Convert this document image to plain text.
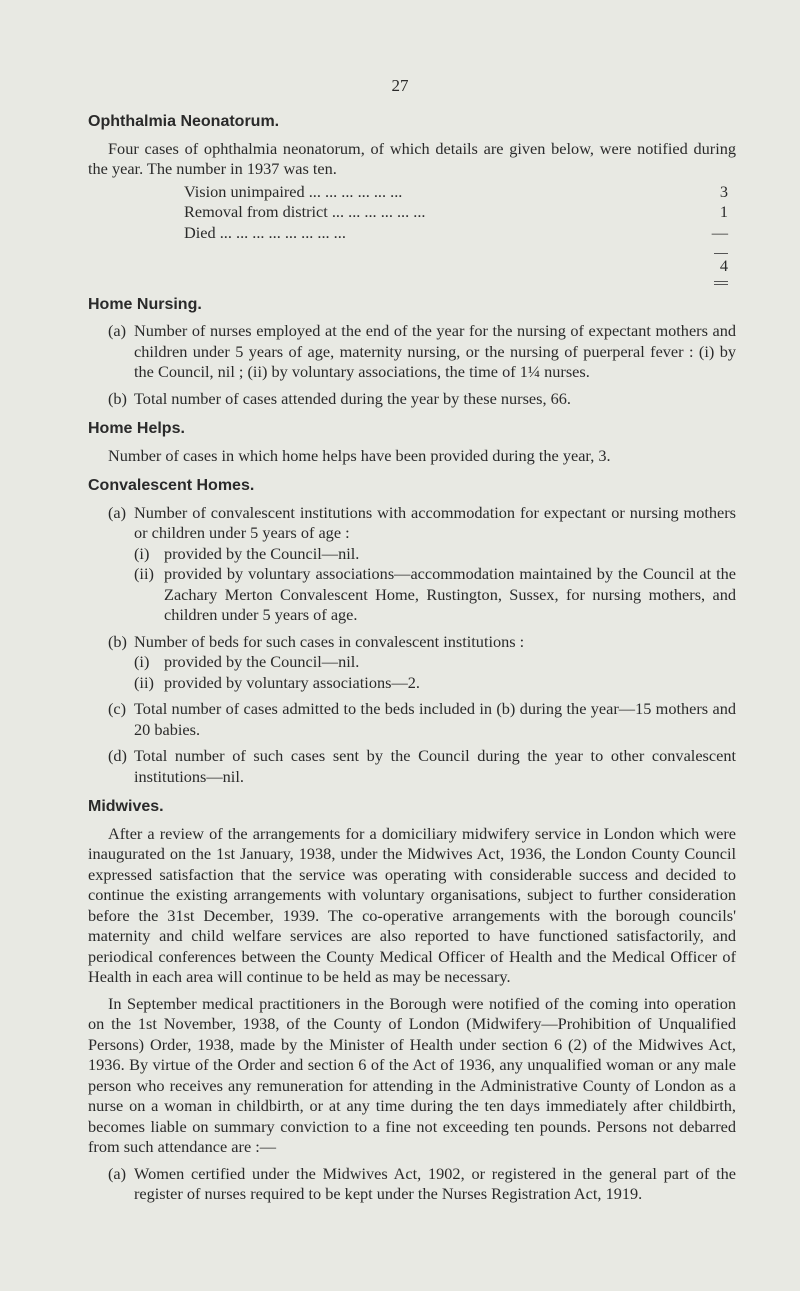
27
Ophthalmia Neonatorum.

Four cases of ophthalmia neonatorum, of which details are given below, were notified during the year. The number in 1937 was ten.

Vision unimpaired ... ... ... ... ... ...	3
Removal from district ... ... ... ... ... ...	1
Died ... ... ... ... ... ... ... ...	—
4
Home Nursing.
(a) Number of nurses employed at the end of the year for the nursing of expectant mothers and children under 5 years of age, maternity nursing, or the nursing of puerperal fever : (i) by the Council, nil ; (ii) by voluntary associations, the time of 1¼ nurses.
(b) Total number of cases attended during the year by these nurses, 66.
Home Helps.

Number of cases in which home helps have been provided during the year, 3.

Convalescent Homes.
(a) Number of convalescent institutions with accommodation for expectant or nursing mothers or children under 5 years of age :
(i) provided by the Council—nil.
(ii) provided by voluntary associations—accommodation maintained by the Council at the Zachary Merton Convalescent Home, Rustington, Sussex, for nursing mothers, and children under 5 years of age.
(b) Number of beds for such cases in convalescent institutions :
(i) provided by the Council—nil.
(ii) provided by voluntary associations—2.
(c) Total number of cases admitted to the beds included in (b) during the year—15 mothers and 20 babies.
(d) Total number of such cases sent by the Council during the year to other convalescent institutions—nil.
Midwives.

After a review of the arrangements for a domiciliary midwifery service in London which were inaugurated on the 1st January, 1938, under the Midwives Act, 1936, the London County Council expressed satisfaction that the service was operating with considerable success and decided to continue the existing arrangements with voluntary organisations, subject to further consideration before the 31st December, 1939. The co-operative arrangements with the borough councils' maternity and child welfare services are also reported to have functioned satisfactorily, and periodical conferences between the County Medical Officer of Health and the Medical Officer of Health in each area will continue to be held as may be necessary.

In September medical practitioners in the Borough were notified of the coming into operation on the 1st November, 1938, of the County of London (Midwifery—Prohibition of Unqualified Persons) Order, 1938, made by the Minister of Health under section 6 (2) of the Midwives Act, 1936. By virtue of the Order and section 6 of the Act of 1936, any unqualified woman or any male person who receives any remuneration for attending in the Administrative County of London as a nurse on a woman in childbirth, or at any time during the ten days immediately after childbirth, becomes liable on summary conviction to a fine not exceeding ten pounds. Persons not debarred from such attendance are :—

(a) Women certified under the Midwives Act, 1902, or registered in the general part of the register of nurses required to be kept under the Nurses Registration Act, 1919.
